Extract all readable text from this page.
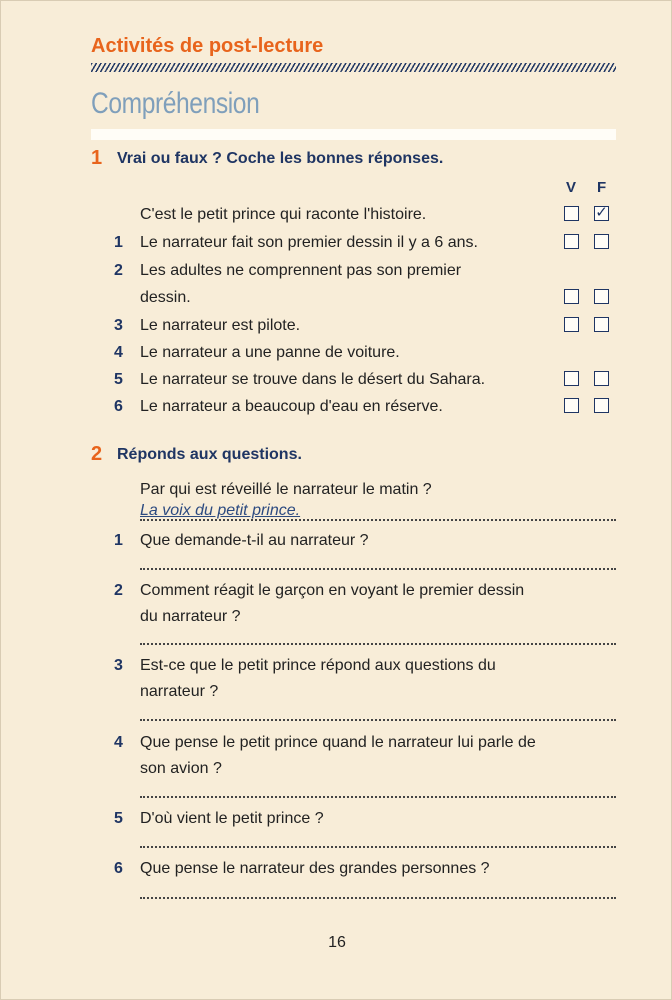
Activités de post-lecture
Compréhension
1 Vrai ou faux ? Coche les bonnes réponses.
V F
C'est le petit prince qui raconte l'histoire.	✓
1 Le narrateur fait son premier dessin il y a 6 ans.
2 Les adultes ne comprennent pas son premier
dessin.
3 Le narrateur est pilote.
4 Le narrateur a une panne de voiture.
5 Le narrateur se trouve dans le désert du Sahara.
6 Le narrateur a beaucoup d'eau en réserve.
2 Réponds aux questions.
Par qui est réveillé le narrateur le matin ?
La voix du petit prince.
1 Que demande-t-il au narrateur ?
2 Comment réagit le garçon en voyant le premier dessin
du narrateur ?
3 Est-ce que le petit prince répond aux questions du
narrateur ?
4 Que pense le petit prince quand le narrateur lui parle de
son avion ?
5 D'où vient le petit prince ?
6 Que pense le narrateur des grandes personnes ?
16
